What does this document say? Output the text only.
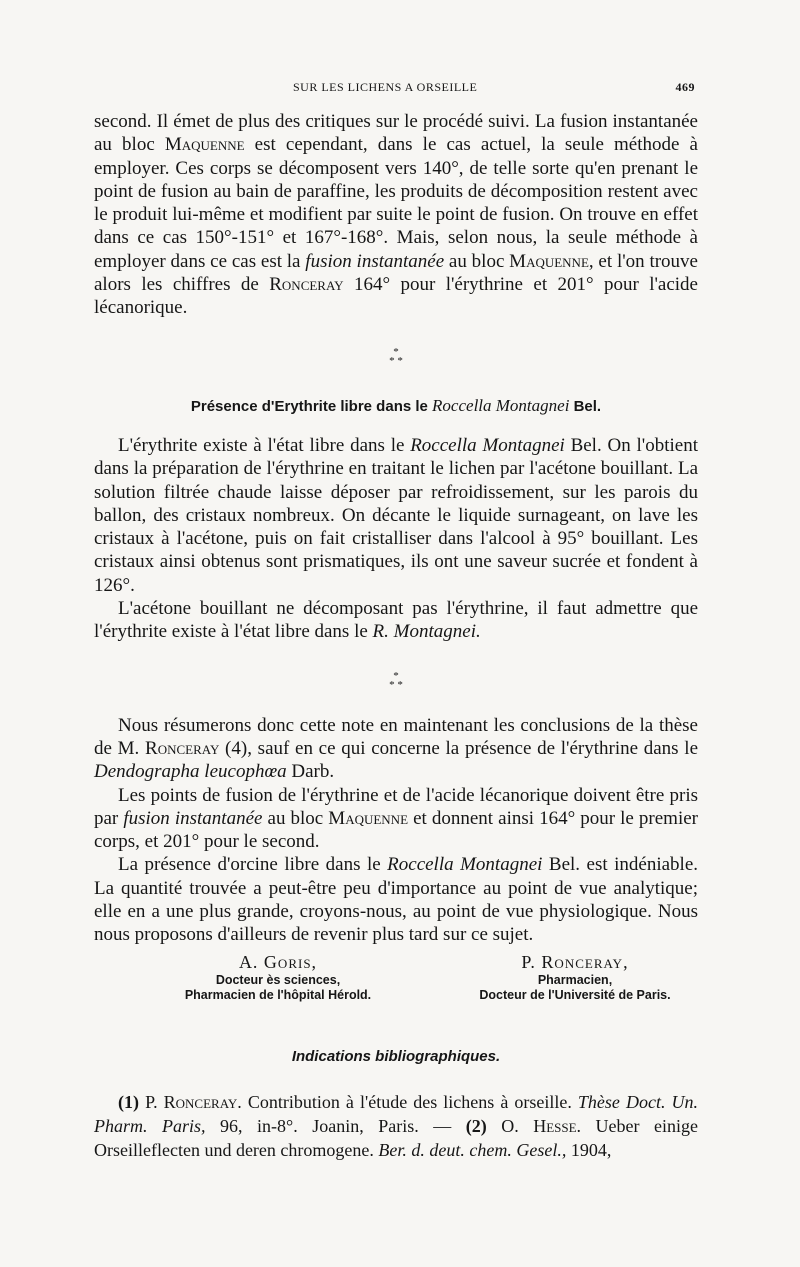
SUR LES LICHENS A ORSEILLE	469

second. Il émet de plus des critiques sur le procédé suivi. La fusion instantanée au bloc Maquenne est cependant, dans le cas actuel, la seule méthode à employer. Ces corps se décomposent vers 140°, de telle sorte qu'en prenant le point de fusion au bain de paraffine, les produits de décomposition restent avec le produit lui-même et modifient par suite le point de fusion. On trouve en effet dans ce cas 150°-151° et 167°-168°. Mais, selon nous, la seule méthode à employer dans ce cas est la fusion instantanée au bloc Maquenne, et l'on trouve alors les chiffres de Ronceray 164° pour l'érythrine et 201° pour l'acide lécanorique.

*
* *
Présence d'Erythrite libre dans le Roccella Montagnei Bel.

L'érythrite existe à l'état libre dans le Roccella Montagnei Bel. On l'obtient dans la préparation de l'érythrine en traitant le lichen par l'acétone bouillant. La solution filtrée chaude laisse déposer par refroidissement, sur les parois du ballon, des cristaux nombreux. On décante le liquide surnageant, on lave les cristaux à l'acétone, puis on fait cristalliser dans l'alcool à 95° bouillant. Les cristaux ainsi obtenus sont prismatiques, ils ont une saveur sucrée et fondent à 126°.

L'acétone bouillant ne décomposant pas l'érythrine, il faut admettre que l'érythrite existe à l'état libre dans le R. Montagnei.

*
* *

Nous résumerons donc cette note en maintenant les conclusions de la thèse de M. Ronceray (4), sauf en ce qui concerne la présence de l'érythrine dans le Dendographa leucophœa Darb.

Les points de fusion de l'érythrine et de l'acide lécanorique doivent être pris par fusion instantanée au bloc Maquenne et donnent ainsi 164° pour le premier corps, et 201° pour le second.

La présence d'orcine libre dans le Roccella Montagnei Bel. est indéniable. La quantité trouvée a peut-être peu d'importance au point de vue analytique; elle en a une plus grande, croyons-nous, au point de vue physiologique. Nous nous proposons d'ailleurs de revenir plus tard sur ce sujet.

A. Goris,
Docteur ès sciences,
Pharmacien de l'hôpital Hérold.
P. Ronceray,
Pharmacien,
Docteur de l'Université de Paris.
Indications bibliographiques.

(1) P. Ronceray. Contribution à l'étude des lichens à orseille. Thèse Doct. Un. Pharm. Paris, 96, in-8°. Joanin, Paris. — (2) O. Hesse. Ueber einige Orseilleflecten und deren chromogene. Ber. d. deut. chem. Gesel., 1904,
